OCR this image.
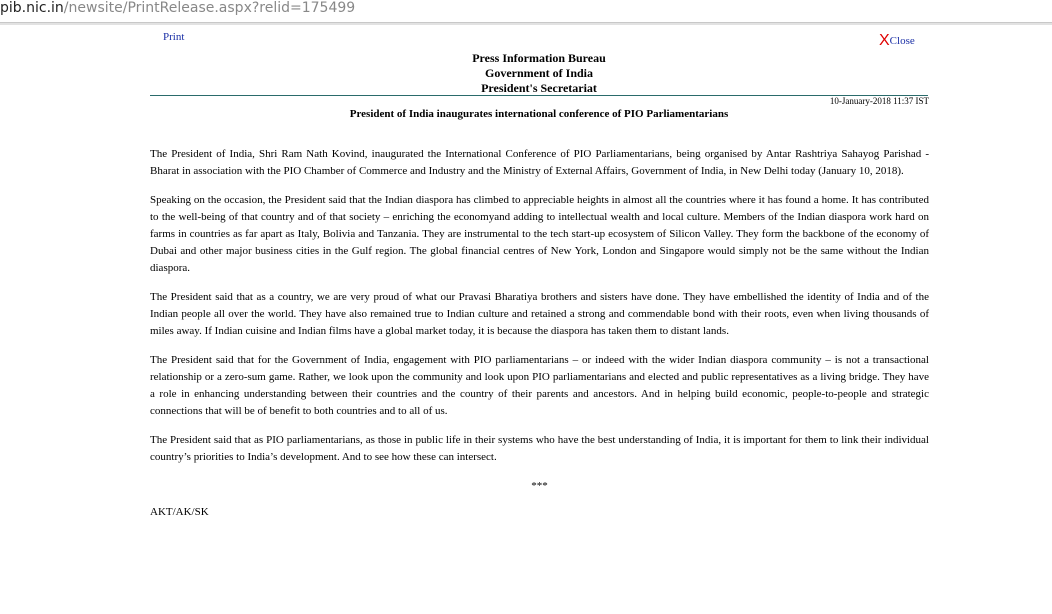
pib.nic.in/newsite/PrintRelease.aspx?relid=175499
Print	XClose
Press Information Bureau
Government of India
President's Secretariat
10-January-2018 11:37 IST
President of India inaugurates international conference of PIO Parliamentarians

The President of India, Shri Ram Nath Kovind, inaugurated the International Conference of PIO Parliamentarians, being organised by Antar Rashtriya Sahayog Parishad - Bharat in association with the PIO Chamber of Commerce and Industry and the Ministry of External Affairs, Government of India, in New Delhi today (January 10, 2018).

Speaking on the occasion, the President said that the Indian diaspora has climbed to appreciable heights in almost all the countries where it has found a home. It has contributed to the well-being of that country and of that society – enriching the economyand adding to intellectual wealth and local culture. Members of the Indian diaspora work hard on farms in countries as far apart as Italy, Bolivia and Tanzania. They are instrumental to the tech start-up ecosystem of Silicon Valley. They form the backbone of the economy of Dubai and other major business cities in the Gulf region. The global financial centres of New York, London and Singapore would simply not be the same without the Indian diaspora.

The President said that as a country, we are very proud of what our Pravasi Bharatiya brothers and sisters have done. They have embellished the identity of India and of the Indian people all over the world. They have also remained true to Indian culture and retained a strong and commendable bond with their roots, even when living thousands of miles away. If Indian cuisine and Indian films have a global market today, it is because the diaspora has taken them to distant lands.

The President said that for the Government of India, engagement with PIO parliamentarians – or indeed with the wider Indian diaspora community – is not a transactional relationship or a zero-sum game. Rather, we look upon the community and look upon PIO parliamentarians and elected and public representatives as a living bridge. They have a role in enhancing understanding between their countries and the country of their parents and ancestors. And in helping build economic, people-to-people and strategic connections that will be of benefit to both countries and to all of us.

The President said that as PIO parliamentarians, as those in public life in their systems who have the best understanding of India, it is important for them to link their individual country’s priorities to India’s development. And to see how these can intersect.

***
AKT/AK/SK
